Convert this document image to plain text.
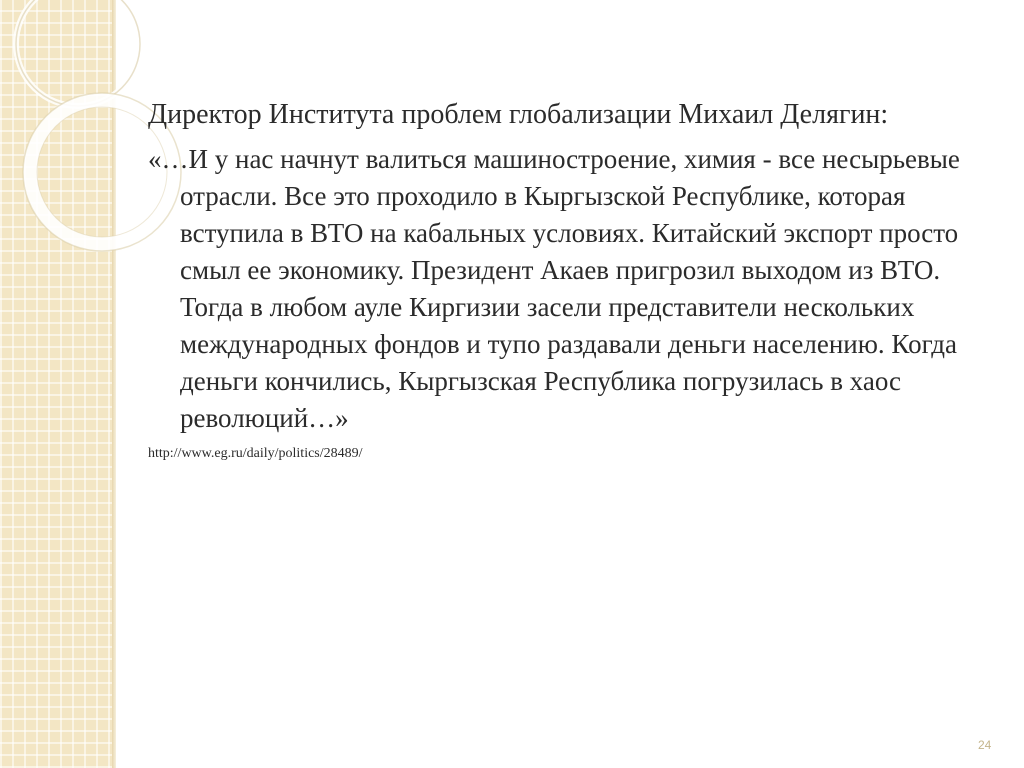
Директор Института проблем глобализации Михаил Делягин:

«…И у нас начнут валиться машиностроение, химия - все несырьевые отрасли. Все это проходило в Кыргызской Республике, которая вступила в ВТО на кабальных условиях. Китайский экспорт просто смыл ее экономику. Президент Акаев пригрозил выходом из ВТО. Тогда в любом ауле Киргизии засели представители нескольких международных фондов и тупо раздавали деньги населению. Когда деньги кончились, Кыргызская Республика погрузилась в хаос революций…»

http://www.eg.ru/daily/politics/28489/
24
